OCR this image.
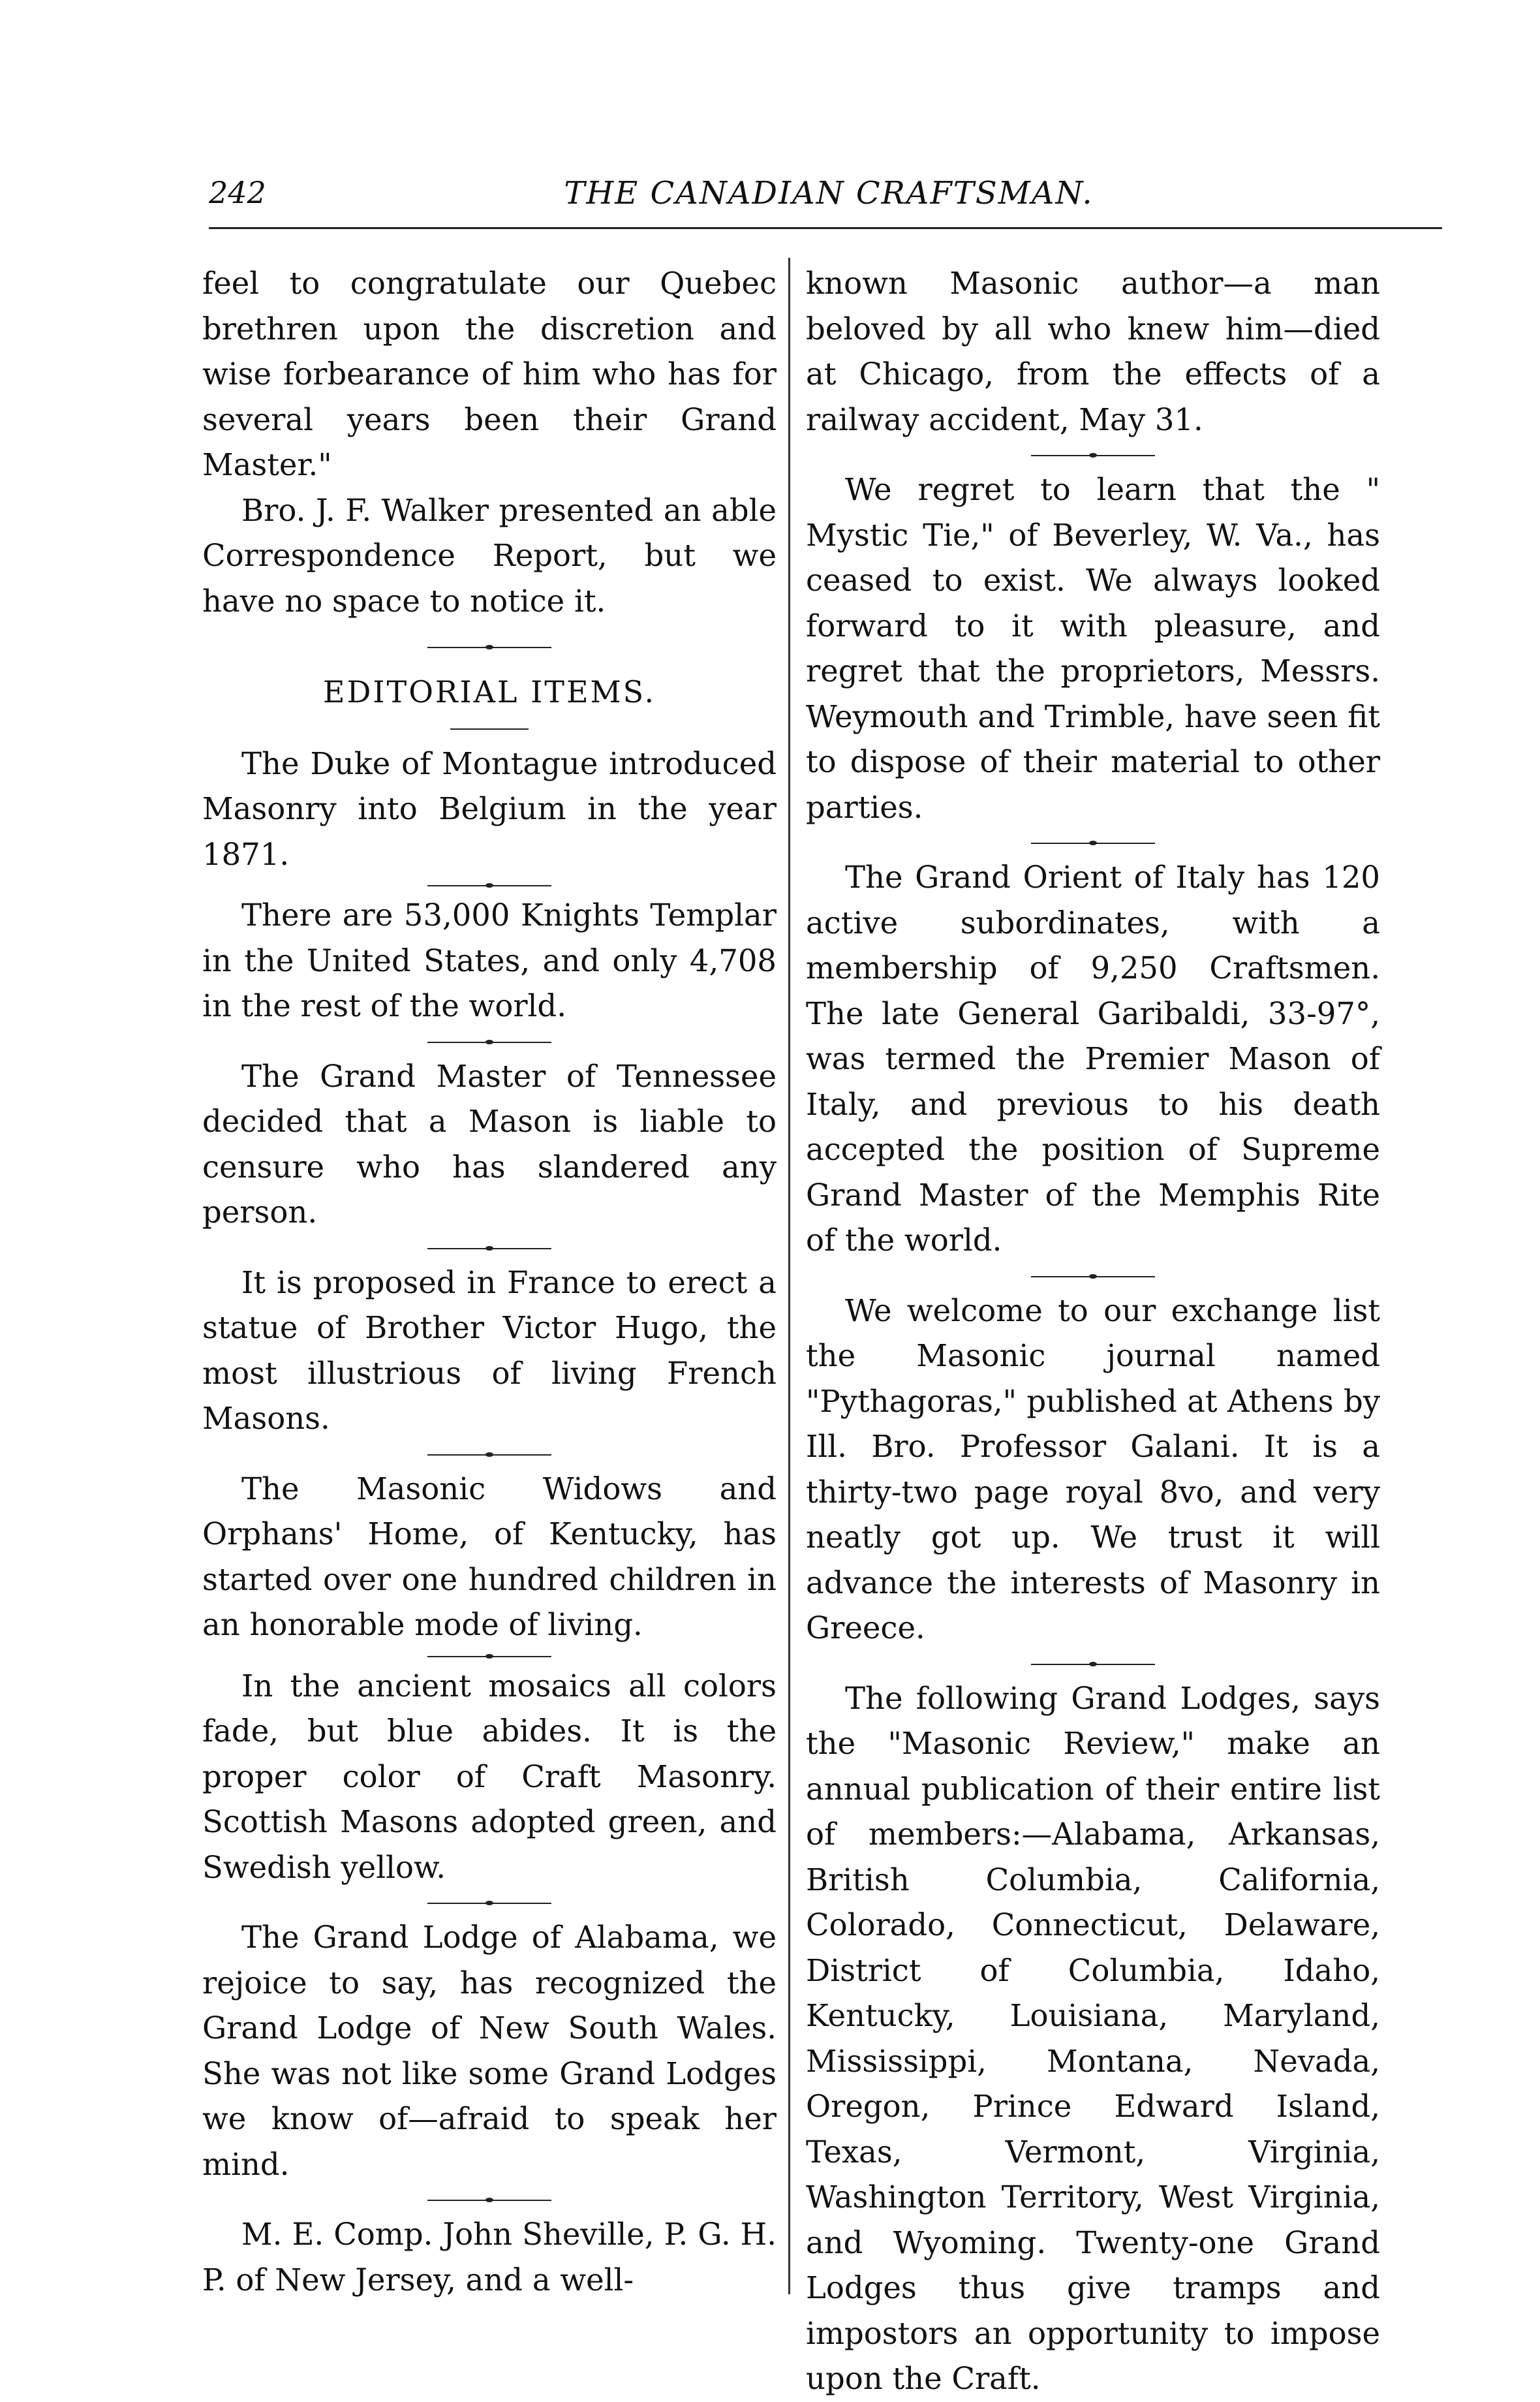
242	THE CANADIAN CRAFTSMAN.

feel to congratulate our Quebec brethren upon the discretion and wise forbearance of him who has for several years been their Grand Master."

Bro. J. F. Walker presented an able Correspondence Report, but we have no space to notice it.

EDITORIAL ITEMS.

The Duke of Montague introduced Masonry into Belgium in the year 1871.

There are 53,000 Knights Templar in the United States, and only 4,708 in the rest of the world.

The Grand Master of Tennessee decided that a Mason is liable to censure who has slandered any person.

It is proposed in France to erect a statue of Brother Victor Hugo, the most illustrious of living French Masons.

The Masonic Widows and Orphans' Home, of Kentucky, has started over one hundred children in an honorable mode of living.

In the ancient mosaics all colors fade, but blue abides. It is the proper color of Craft Masonry. Scottish Masons adopted green, and Swedish yellow.

The Grand Lodge of Alabama, we rejoice to say, has recognized the Grand Lodge of New South Wales. She was not like some Grand Lodges we know of—afraid to speak her mind.

M. E. Comp. John Sheville, P. G. H. P. of New Jersey, and a well-

known Masonic author—a man beloved by all who knew him—died at Chicago, from the effects of a railway accident, May 31.

We regret to learn that the " Mystic Tie," of Beverley, W. Va., has ceased to exist. We always looked forward to it with pleasure, and regret that the proprietors, Messrs. Weymouth and Trimble, have seen fit to dispose of their material to other parties.

The Grand Orient of Italy has 120 active subordinates, with a membership of 9,250 Craftsmen. The late General Garibaldi, 33-97°, was termed the Premier Mason of Italy, and previous to his death accepted the position of Supreme Grand Master of the Memphis Rite of the world.

We welcome to our exchange list the Masonic journal named "Pythagoras," published at Athens by Ill. Bro. Professor Galani. It is a thirty-two page royal 8vo, and very neatly got up. We trust it will advance the interests of Masonry in Greece.

The following Grand Lodges, says the "Masonic Review," make an annual publication of their entire list of members:—Alabama, Arkansas, British Columbia, California, Colorado, Connecticut, Delaware, District of Columbia, Idaho, Kentucky, Louisiana, Maryland, Mississippi, Montana, Nevada, Oregon, Prince Edward Island, Texas, Vermont, Virginia, Washington Territory, West Virginia, and Wyoming. Twenty-one Grand Lodges thus give tramps and impostors an opportunity to impose upon the Craft.
